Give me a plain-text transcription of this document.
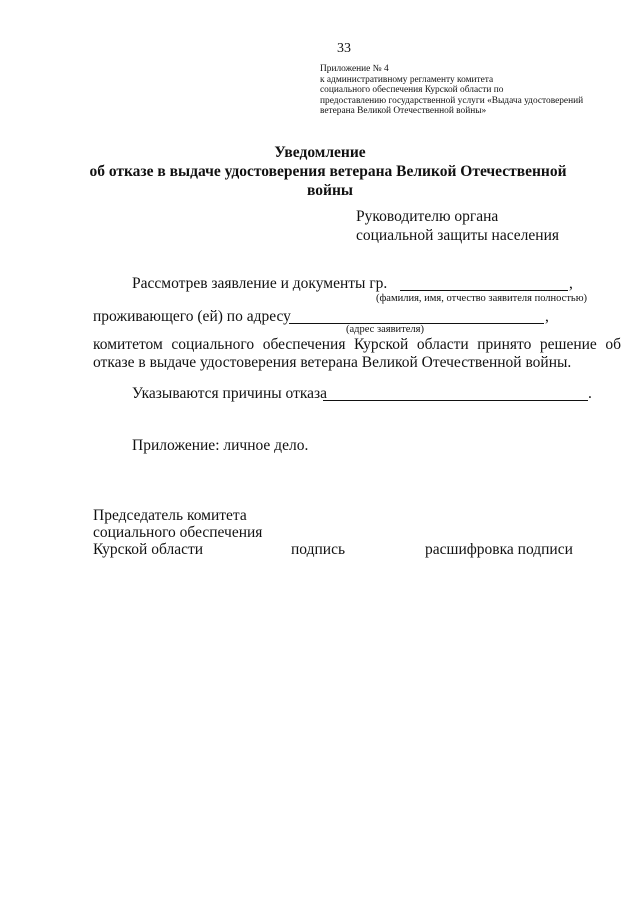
33
Приложение № 4
к административному регламенту комитета
социального обеспечения Курской области по
предоставлению государственной услуги «Выдача удостоверений
ветерана Великой Отечественной войны»
Уведомление
об отказе в выдаче удостоверения ветерана Великой Отечественной
войны
Руководителю органа
социальной защиты населения
Рассмотрев заявление и документы гр.	,
(фамилия, имя, отчество заявителя полностью)
проживающего (ей) по адресу	,
(адрес заявителя)
комитетом социального обеспечения Курской области принято решение об
отказе в выдаче удостоверения ветерана Великой Отечественной войны.
Указываются причины отказа	.
Приложение: личное дело.
Председатель комитета
социального обеспечения
Курской области	подпись	расшифровка подписи
